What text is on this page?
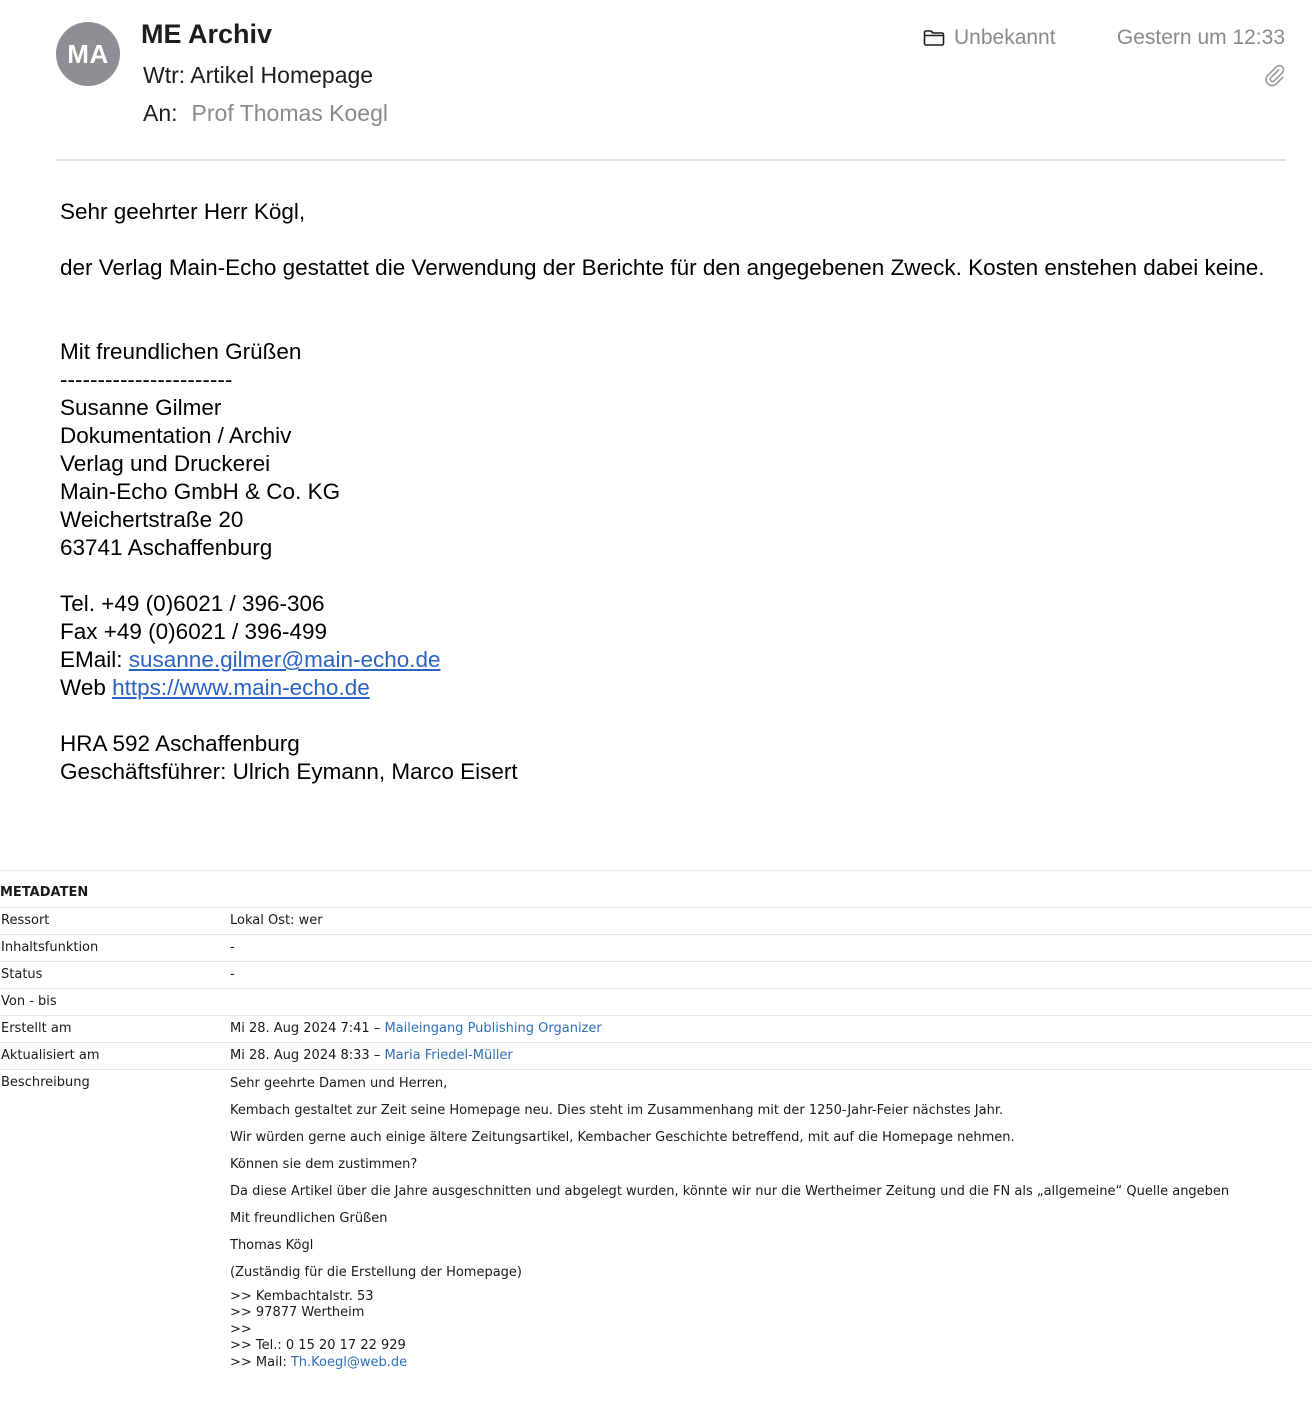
MA
ME Archiv
Wtr: Artikel Homepage
An: Prof Thomas Koegl
Unbekannt	Gestern um 12:33

Sehr geehrter Herr Kögl,

der Verlag Main-Echo gestattet die Verwendung der Berichte für den angegebenen Zweck. Kosten enstehen dabei keine.

Mit freundlichen Grüßen

-----------------------

Susanne Gilmer

Dokumentation / Archiv

Verlag und Druckerei

Main-Echo GmbH & Co. KG

Weichertstraße 20

63741 Aschaffenburg

Tel. +49 (0)6021 / 396-306

Fax +49 (0)6021 / 396-499

EMail: susanne.gilmer@main-echo.de

Web https://www.main-echo.de

HRA 592 Aschaffenburg

Geschäftsführer: Ulrich Eymann, Marco Eisert

METADATEN
Ressort	Lokal Ost: wer
Inhaltsfunktion	-
Status	-
Von - bis
Erstellt am	Mi 28. Aug 2024 7:41 – Maileingang Publishing Organizer
Aktualisiert am	Mi 28. Aug 2024 8:33 – Maria Friedel-Müller
Beschreibung	Sehr geehrte Damen und Herren,

Kembach gestaltet zur Zeit seine Homepage neu. Dies steht im Zusammenhang mit der 1250-Jahr-Feier nächstes Jahr.

Wir würden gerne auch einige ältere Zeitungsartikel, Kembacher Geschichte betreffend, mit auf die Homepage nehmen.

Können sie dem zustimmen?

Da diese Artikel über die Jahre ausgeschnitten und abgelegt wurden, könnte wir nur die Wertheimer Zeitung und die FN als „allgemeine“ Quelle angeben

Mit freundlichen Grüßen

Thomas Kögl

(Zuständig für die Erstellung der Homepage)

>> Kembachtalstr. 53
>> 97877 Wertheim
>>
>> Tel.: 0 15 20 17 22 929
>> Mail: Th.Koegl@web.de
